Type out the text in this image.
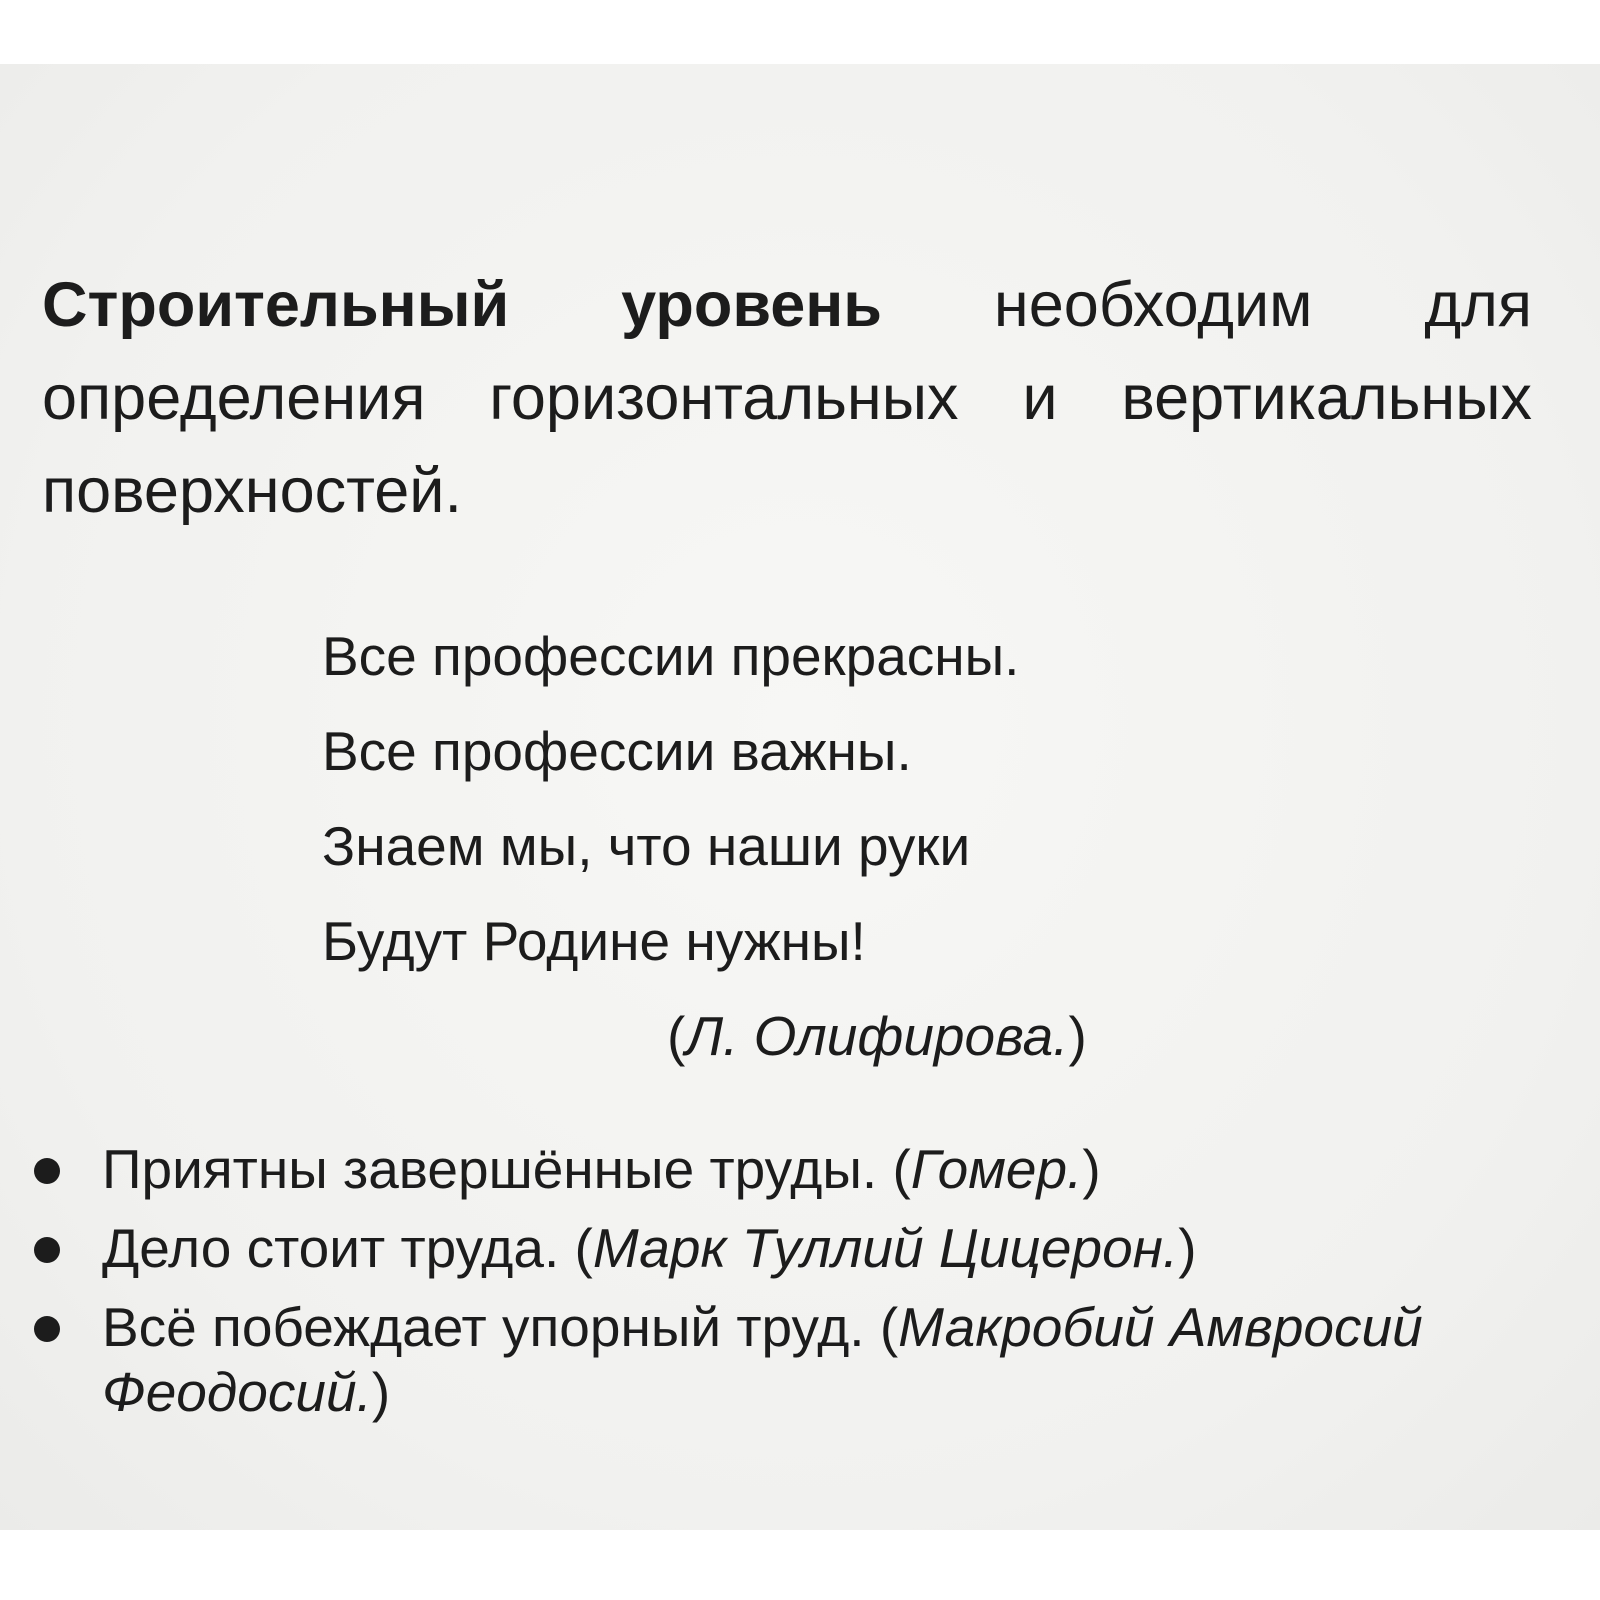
Строительный уровень необходим для определения горизонтальных и вертикальных поверхностей.

Все профессии прекрасны.
Все профессии важны.
Знаем мы, что наши руки
Будут Родине нужны!
(Л. Олифирова.)
Приятны завершённые труды. (Гомер.)
Дело стоит труда. (Марк Туллий Цицерон.)
Всё побеждает упорный труд. (Макробий Амвросий Феодосий.)
